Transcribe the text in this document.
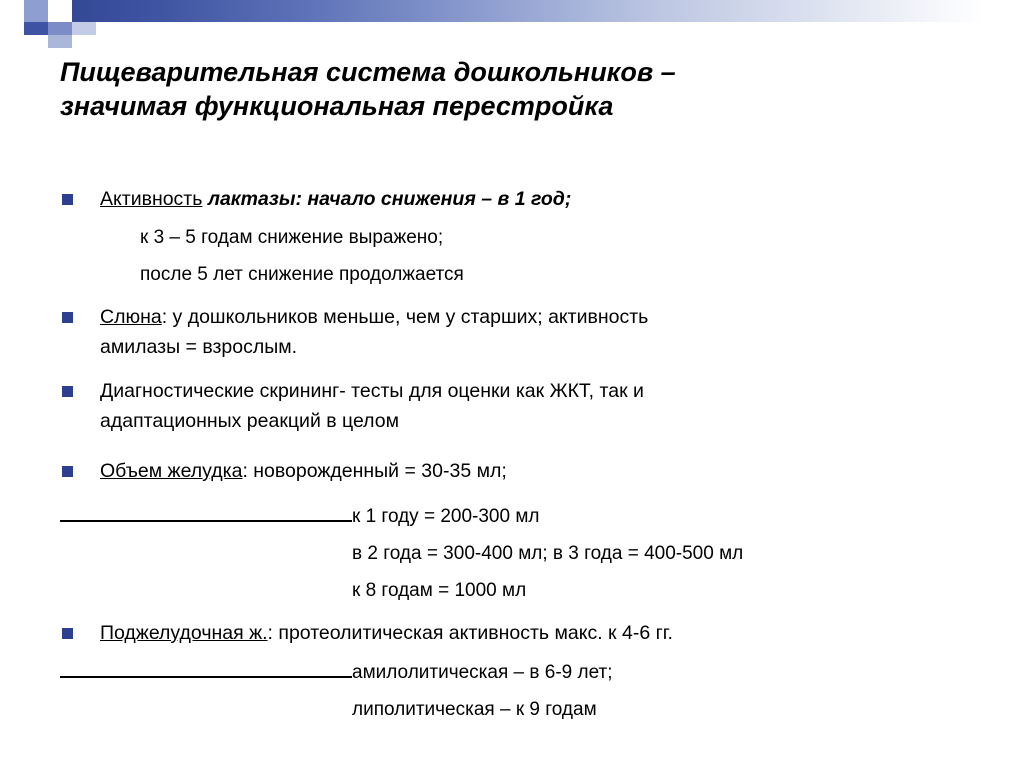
Пищеварительная система дошкольников –
значимая функциональная перестройка
Активность лактазы: начало снижения – в 1 год;
к 3 – 5 годам снижение выражено;
после 5 лет снижение продолжается
Слюна: у дошкольников меньше, чем у старших; активность
амилазы = взрослым.
Диагностические скрининг- тесты для оценки как ЖКТ, так и
адаптационных реакций в целом
Объем желудка: новорожденный = 30-35 мл;
к 1 году = 200-300 мл
в 2 года = 300-400 мл; в 3 года = 400-500 мл
к 8 годам = 1000 мл
Поджелудочная ж.: протеолитическая активность макс. к 4-6 гг.
амилолитическая – в 6-9 лет;
липолитическая – к 9 годам
